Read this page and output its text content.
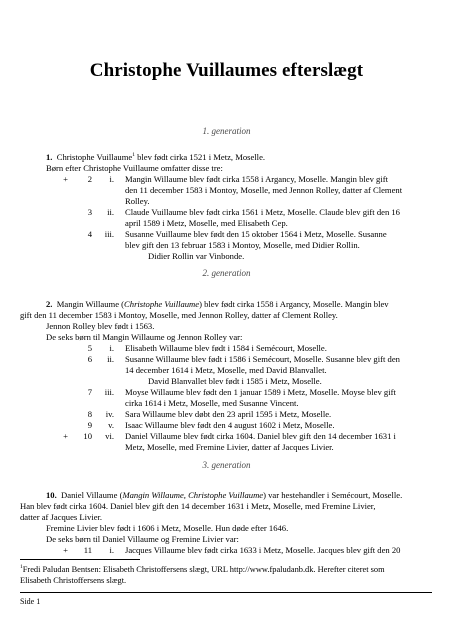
Christophe Vuillaumes efterslægt
1. generation
1. Christophe Vuillaume$^1$ blev født cirka 1521 i Metz, Moselle.
Børn efter Christophe Vuillaume omfatter disse tre:
+	2	i. Mangin Willaume blev født cirka 1558 i Argancy, Moselle. Mangin blev gift
den 11 december 1583 i Montoy, Moselle, med Jennon Rolley, datter af Clement
Rolley.
3	ii. Claude Vuillaume blev født cirka 1561 i Metz, Moselle. Claude blev gift den 16
april 1589 i Metz, Moselle, med Elisabeth Cep.
4	iii. Susanne Vuillaume blev født den 15 oktober 1564 i Metz, Moselle. Susanne
blev gift den 13 februar 1583 i Montoy, Moselle, med Didier Rollin.
Didier Rollin var Vinbonde.
2. generation
2. Mangin Willaume (Christophe Vuillaume) blev født cirka 1558 i Argancy, Moselle. Mangin blev
gift den 11 december 1583 i Montoy, Moselle, med Jennon Rolley, datter af Clement Rolley.
Jennon Rolley blev født i 1563.
De seks børn til Mangin Willaume og Jennon Rolley var:
5	i. Elisabeth Willaume blev født i 1584 i Semécourt, Moselle.
6	ii. Susanne Willaume blev født i 1586 i Semécourt, Moselle. Susanne blev gift den
14 december 1614 i Metz, Moselle, med David Blanvallet.
David Blanvallet blev født i 1585 i Metz, Moselle.
7	iii. Moyse Willaume blev født den 1 januar 1589 i Metz, Moselle. Moyse blev gift
cirka 1614 i Metz, Moselle, med Susanne Vincent.
8	iv. Sara Willaume blev døbt den 23 april 1595 i Metz, Moselle.
9	v. Isaac Willaume blev født den 4 august 1602 i Metz, Moselle.
+	10	vi. Daniel Villaume blev født cirka 1604. Daniel blev gift den 14 december 1631 i
Metz, Moselle, med Fremine Livier, datter af Jacques Livier.
3. generation
10. Daniel Villaume (Mangin Willaume, Christophe Vuillaume) var hestehandler i Semécourt, Moselle.
Han blev født cirka 1604. Daniel blev gift den 14 december 1631 i Metz, Moselle, med Fremine Livier,
datter af Jacques Livier.
Fremine Livier blev født i 1606 i Metz, Moselle. Hun døde efter 1646.
De seks børn til Daniel Villaume og Fremine Livier var:
+	11	i. Jacques Villaume blev født cirka 1633 i Metz, Moselle. Jacques blev gift den 20
$^1$Fredi Paludan Bentsen: Elisabeth Christoffersens slægt, URL http://www.fpaludanb.dk. Herefter citeret som
Elisabeth Christoffersens slægt.
Side 1
